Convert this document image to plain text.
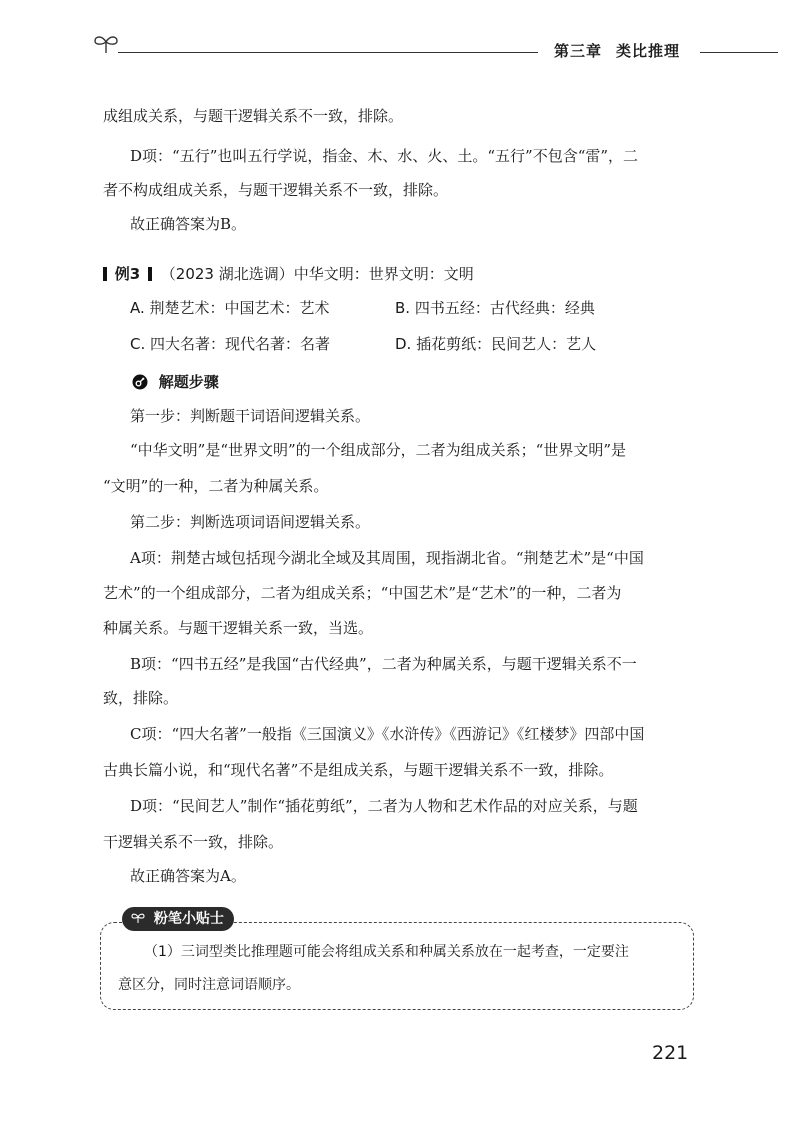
第三章 类比推理
成组成关系，与题干逻辑关系不一致，排除。
D项：“五行”也叫五行学说，指金、木、水、火、土。“五行”不包含“雷”，二
者不构成组成关系，与题干逻辑关系不一致，排除。
故正确答案为B。
例3 （2023 湖北选调）中华文明：世界文明：文明
A. 荆楚艺术：中国艺术：艺术	B. 四书五经：古代经典：经典
C. 四大名著：现代名著：名著	D. 插花剪纸：民间艺人：艺人
解题步骤
第一步：判断题干词语间逻辑关系。
“中华文明”是“世界文明”的一个组成部分，二者为组成关系；“世界文明”是
“文明”的一种，二者为种属关系。
第二步：判断选项词语间逻辑关系。
A项：荆楚古域包括现今湖北全域及其周围，现指湖北省。“荆楚艺术”是“中国
艺术”的一个组成部分，二者为组成关系；“中国艺术”是“艺术”的一种，二者为
种属关系。与题干逻辑关系一致，当选。
B项：“四书五经”是我国“古代经典”，二者为种属关系，与题干逻辑关系不一
致，排除。
C项：“四大名著”一般指《三国演义》《水浒传》《西游记》《红楼梦》四部中国
古典长篇小说，和“现代名著”不是组成关系，与题干逻辑关系不一致，排除。
D项：“民间艺人”制作“插花剪纸”，二者为人物和艺术作品的对应关系，与题
干逻辑关系不一致，排除。
故正确答案为A。
粉笔小贴士
（1）三词型类比推理题可能会将组成关系和种属关系放在一起考查，一定要注
意区分，同时注意词语顺序。
221
